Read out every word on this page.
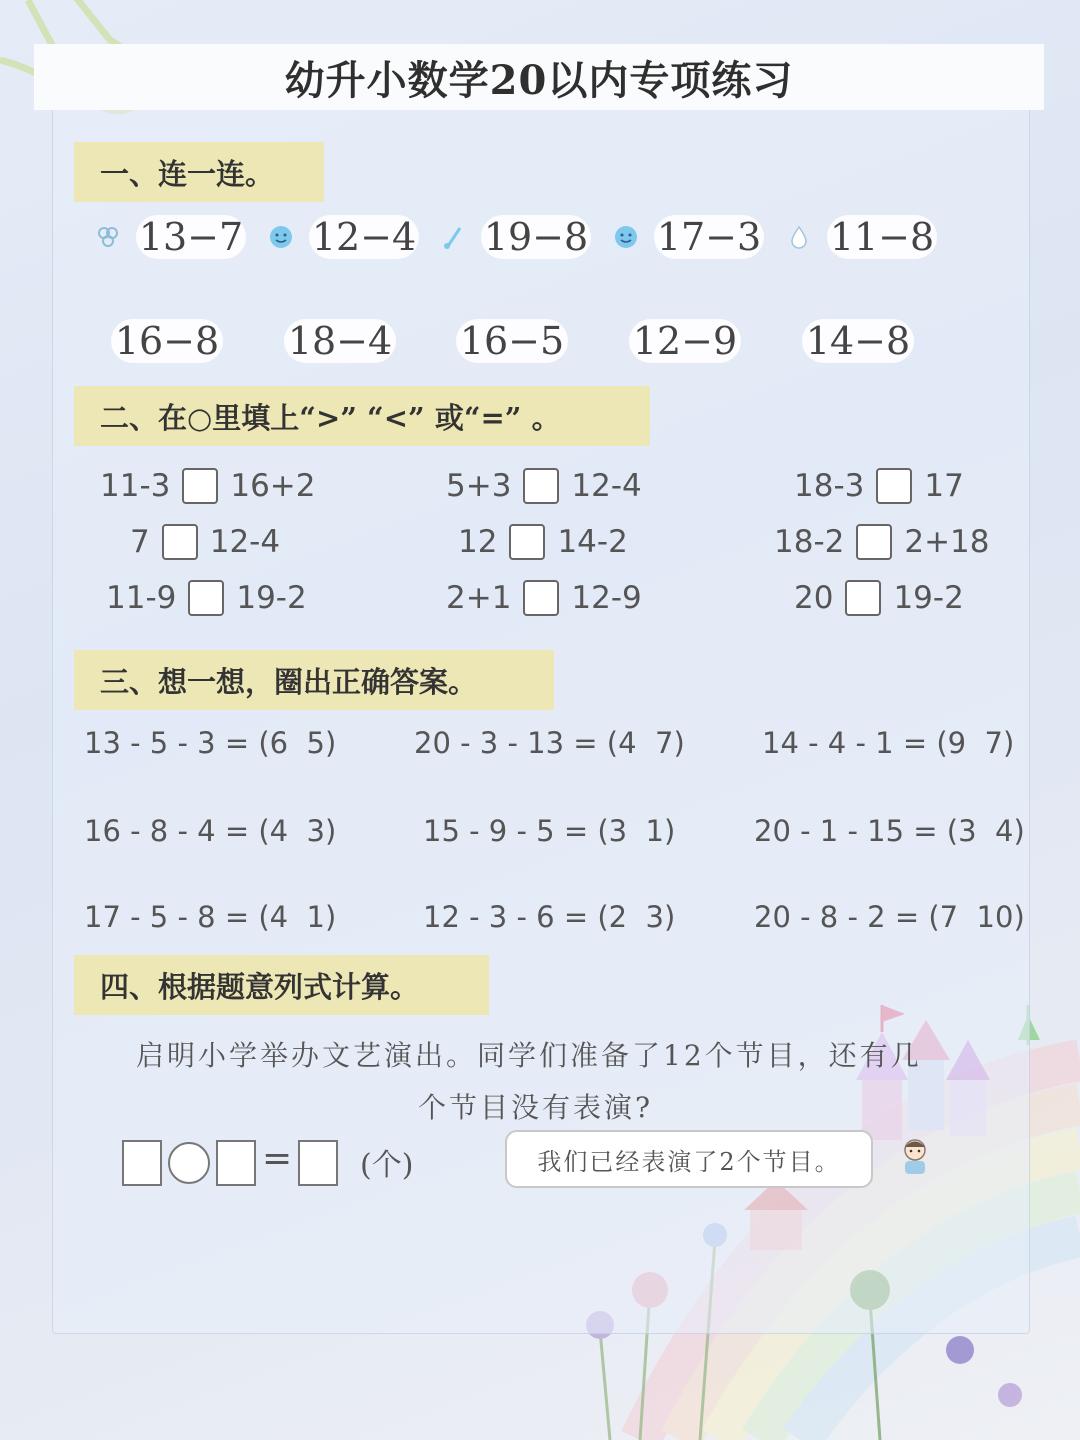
幼升小数学20以内专项练习
一、连一连。
13−7 12−4 19−8 17−3 11−8
16−8 18−4 16−5 12−9 14−8
二、在○里填上“>” “<” 或“=” 。
11-3 16+2	5+3 12-4	18-3 17
7 12-4	12 14-2	18-2 2+18
11-9 19-2	2+1 12-9	20 19-2
三、想一想，圈出正确答案。
13 - 5 - 3 = (6  5)	20 - 3 - 13 = (4  7)	14 - 4 - 1 = (9  7)
16 - 8 - 4 = (4  3)	15 - 9 - 5 = (3  1)	20 - 1 - 15 = (3  4)
17 - 5 - 8 = (4  1)	12 - 3 - 6 = (2  3)	20 - 8 - 2 = (7  10)
四、根据题意列式计算。
启明小学举办文艺演出。同学们准备了12个节目，还有几
个节目没有表演?
= (个)	我们已经表演了2个节目。
